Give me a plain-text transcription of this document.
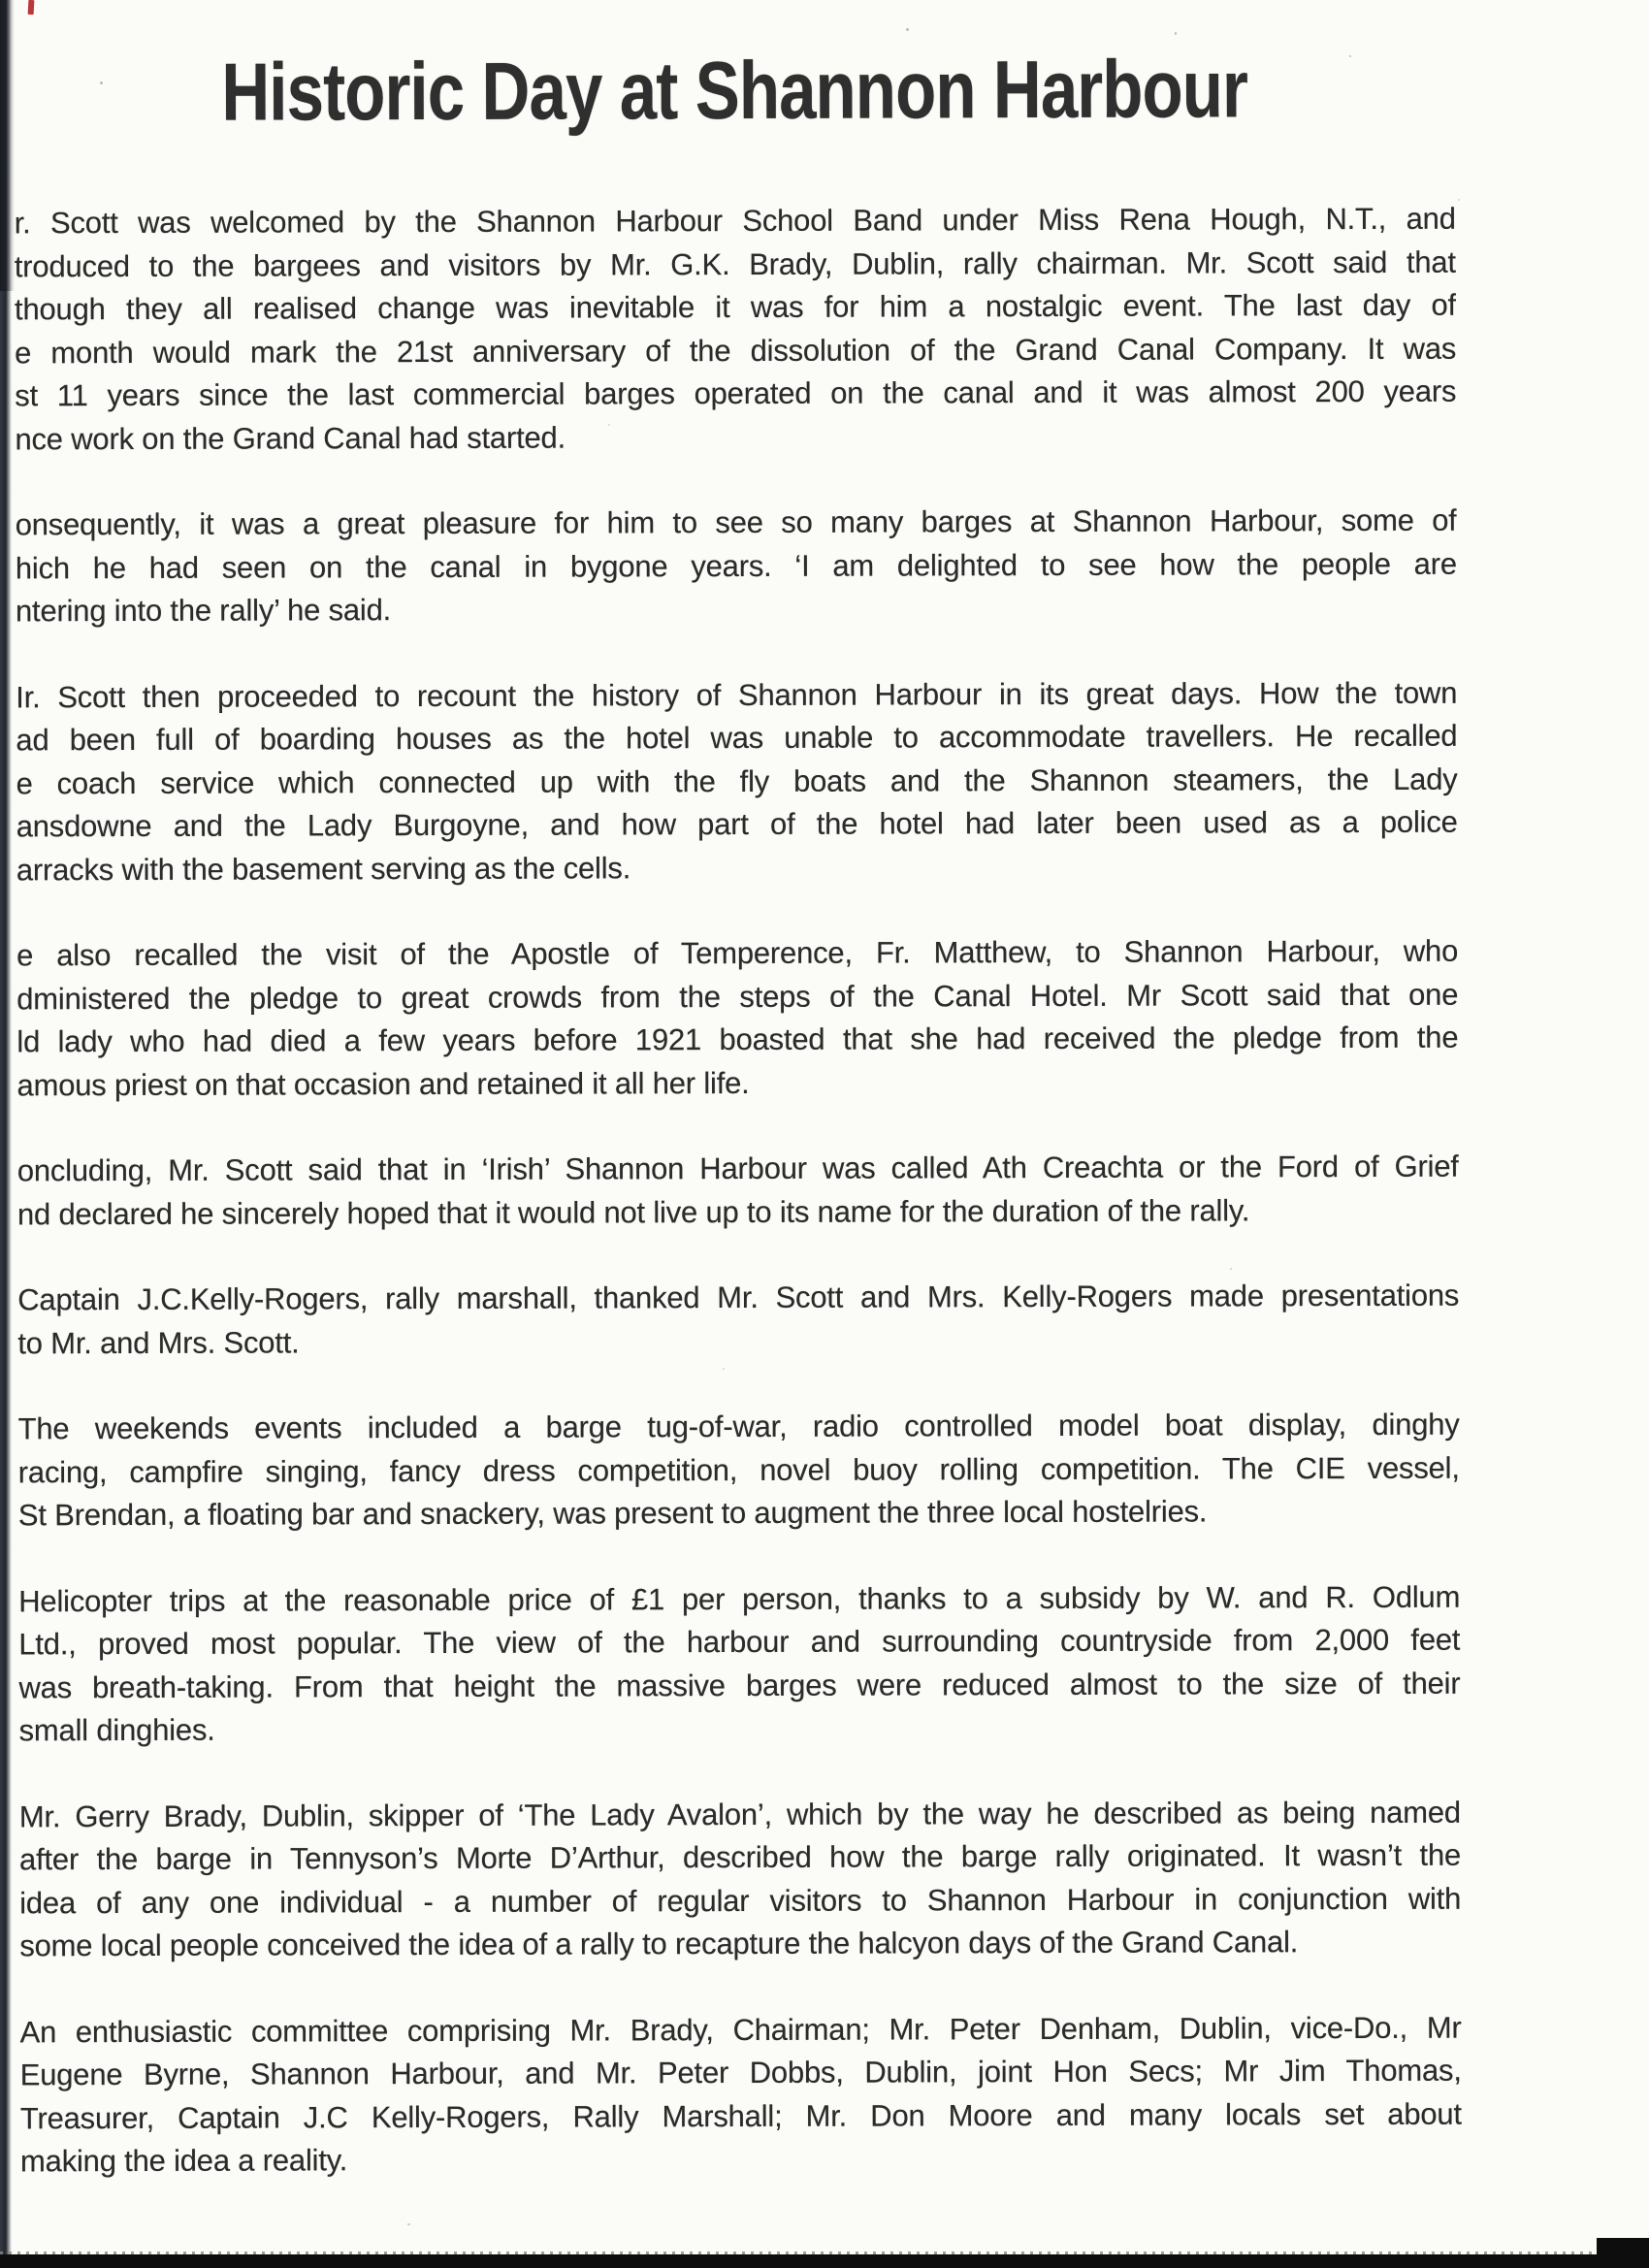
Historic Day at Shannon Harbour
r. Scott was welcomed by the Shannon Harbour School Band under Miss Rena Hough, N.T., and
troduced to the bargees and visitors by Mr. G.K. Brady, Dublin, rally chairman. Mr. Scott said that
though they all realised change was inevitable it was for him a nostalgic event. The last day of
e month would mark the 21st anniversary of the dissolution of the Grand Canal Company. It was
st 11 years since the last commercial barges operated on the canal and it was almost 200 years
nce work on the Grand Canal had started.
onsequently, it was a great pleasure for him to see so many barges at Shannon Harbour, some of
hich he had seen on the canal in bygone years. ‘I am delighted to see how the people are
ntering into the rally’ he said.
Ir. Scott then proceeded to recount the history of Shannon Harbour in its great days. How the town
ad been full of boarding houses as the hotel was unable to accommodate travellers. He recalled
e coach service which connected up with the fly boats and the Shannon steamers, the Lady
ansdowne and the Lady Burgoyne, and how part of the hotel had later been used as a police
arracks with the basement serving as the cells.
e also recalled the visit of the Apostle of Temperence, Fr. Matthew, to Shannon Harbour, who
dministered the pledge to great crowds from the steps of the Canal Hotel. Mr Scott said that one
ld lady who had died a few years before 1921 boasted that she had received the pledge from the
amous priest on that occasion and retained it all her life.
oncluding, Mr. Scott said that in ‘Irish’ Shannon Harbour was called Ath Creachta or the Ford of Grief
nd declared he sincerely hoped that it would not live up to its name for the duration of the rally.
Captain J.C.Kelly-Rogers, rally marshall, thanked Mr. Scott and Mrs. Kelly-Rogers made presentations
to Mr. and Mrs. Scott.
The weekends events included a barge tug-of-war, radio controlled model boat display, dinghy
racing, campfire singing, fancy dress competition, novel buoy rolling competition. The CIE vessel,
St Brendan, a floating bar and snackery, was present to augment the three local hostelries.
Helicopter trips at the reasonable price of £1 per person, thanks to a subsidy by W. and R. Odlum
Ltd., proved most popular. The view of the harbour and surrounding countryside from 2,000 feet
was breath-taking. From that height the massive barges were reduced almost to the size of their
small dinghies.
Mr. Gerry Brady, Dublin, skipper of ‘The Lady Avalon’, which by the way he described as being named
after the barge in Tennyson’s Morte D’Arthur, described how the barge rally originated. It wasn’t the
idea of any one individual - a number of regular visitors to Shannon Harbour in conjunction with
some local people conceived the idea of a rally to recapture the halcyon days of the Grand Canal.
An enthusiastic committee comprising Mr. Brady, Chairman; Mr. Peter Denham, Dublin, vice-Do., Mr
Eugene Byrne, Shannon Harbour, and Mr. Peter Dobbs, Dublin, joint Hon Secs; Mr Jim Thomas,
Treasurer, Captain J.C Kelly-Rogers, Rally Marshall; Mr. Don Moore and many locals set about
making the idea a reality.
